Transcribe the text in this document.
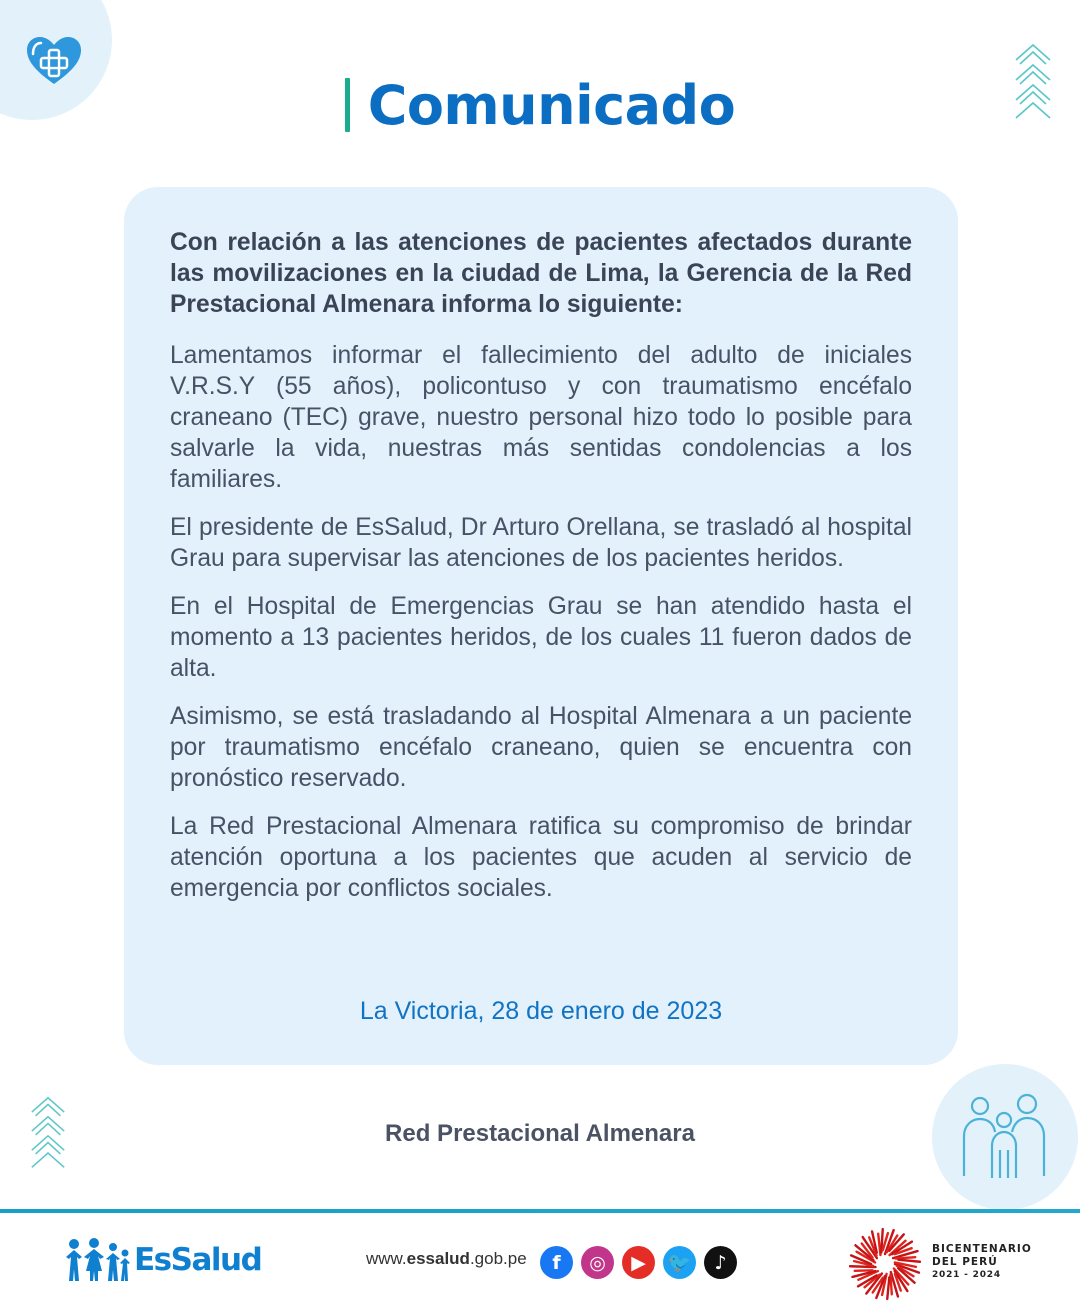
Comunicado

Con relación a las atenciones de pacientes afectados durante las movilizaciones en la ciudad de Lima, la Gerencia de la Red Prestacional Almenara informa lo siguiente:

Lamentamos informar el fallecimiento del adulto de iniciales V.R.S.Y (55 años), policontuso y con traumatismo encéfalo craneano (TEC) grave, nuestro personal hizo todo lo posible para salvarle la vida, nuestras más sentidas condolencias a los familiares.

El presidente de EsSalud, Dr Arturo Orellana, se trasladó al hospital Grau para supervisar las atenciones de los pacientes heridos.

En el Hospital de Emergencias Grau se han atendido hasta el momento a 13 pacientes heridos, de los cuales 11 fueron dados de alta.

Asimismo, se está trasladando al Hospital Almenara a un paciente por traumatismo encéfalo craneano, quien se encuentra con pronóstico reservado.

La Red Prestacional Almenara ratifica su compromiso de brindar atención oportuna a los pacientes que acuden al servicio de emergencia por conflictos sociales.

La Victoria, 28 de enero de 2023
Red Prestacional Almenara
EsSalud	www.essalud.gob.pe	f	◎	▶	🐦	♪
BICENTENARIO
DEL PERÚ
2021 - 2024
